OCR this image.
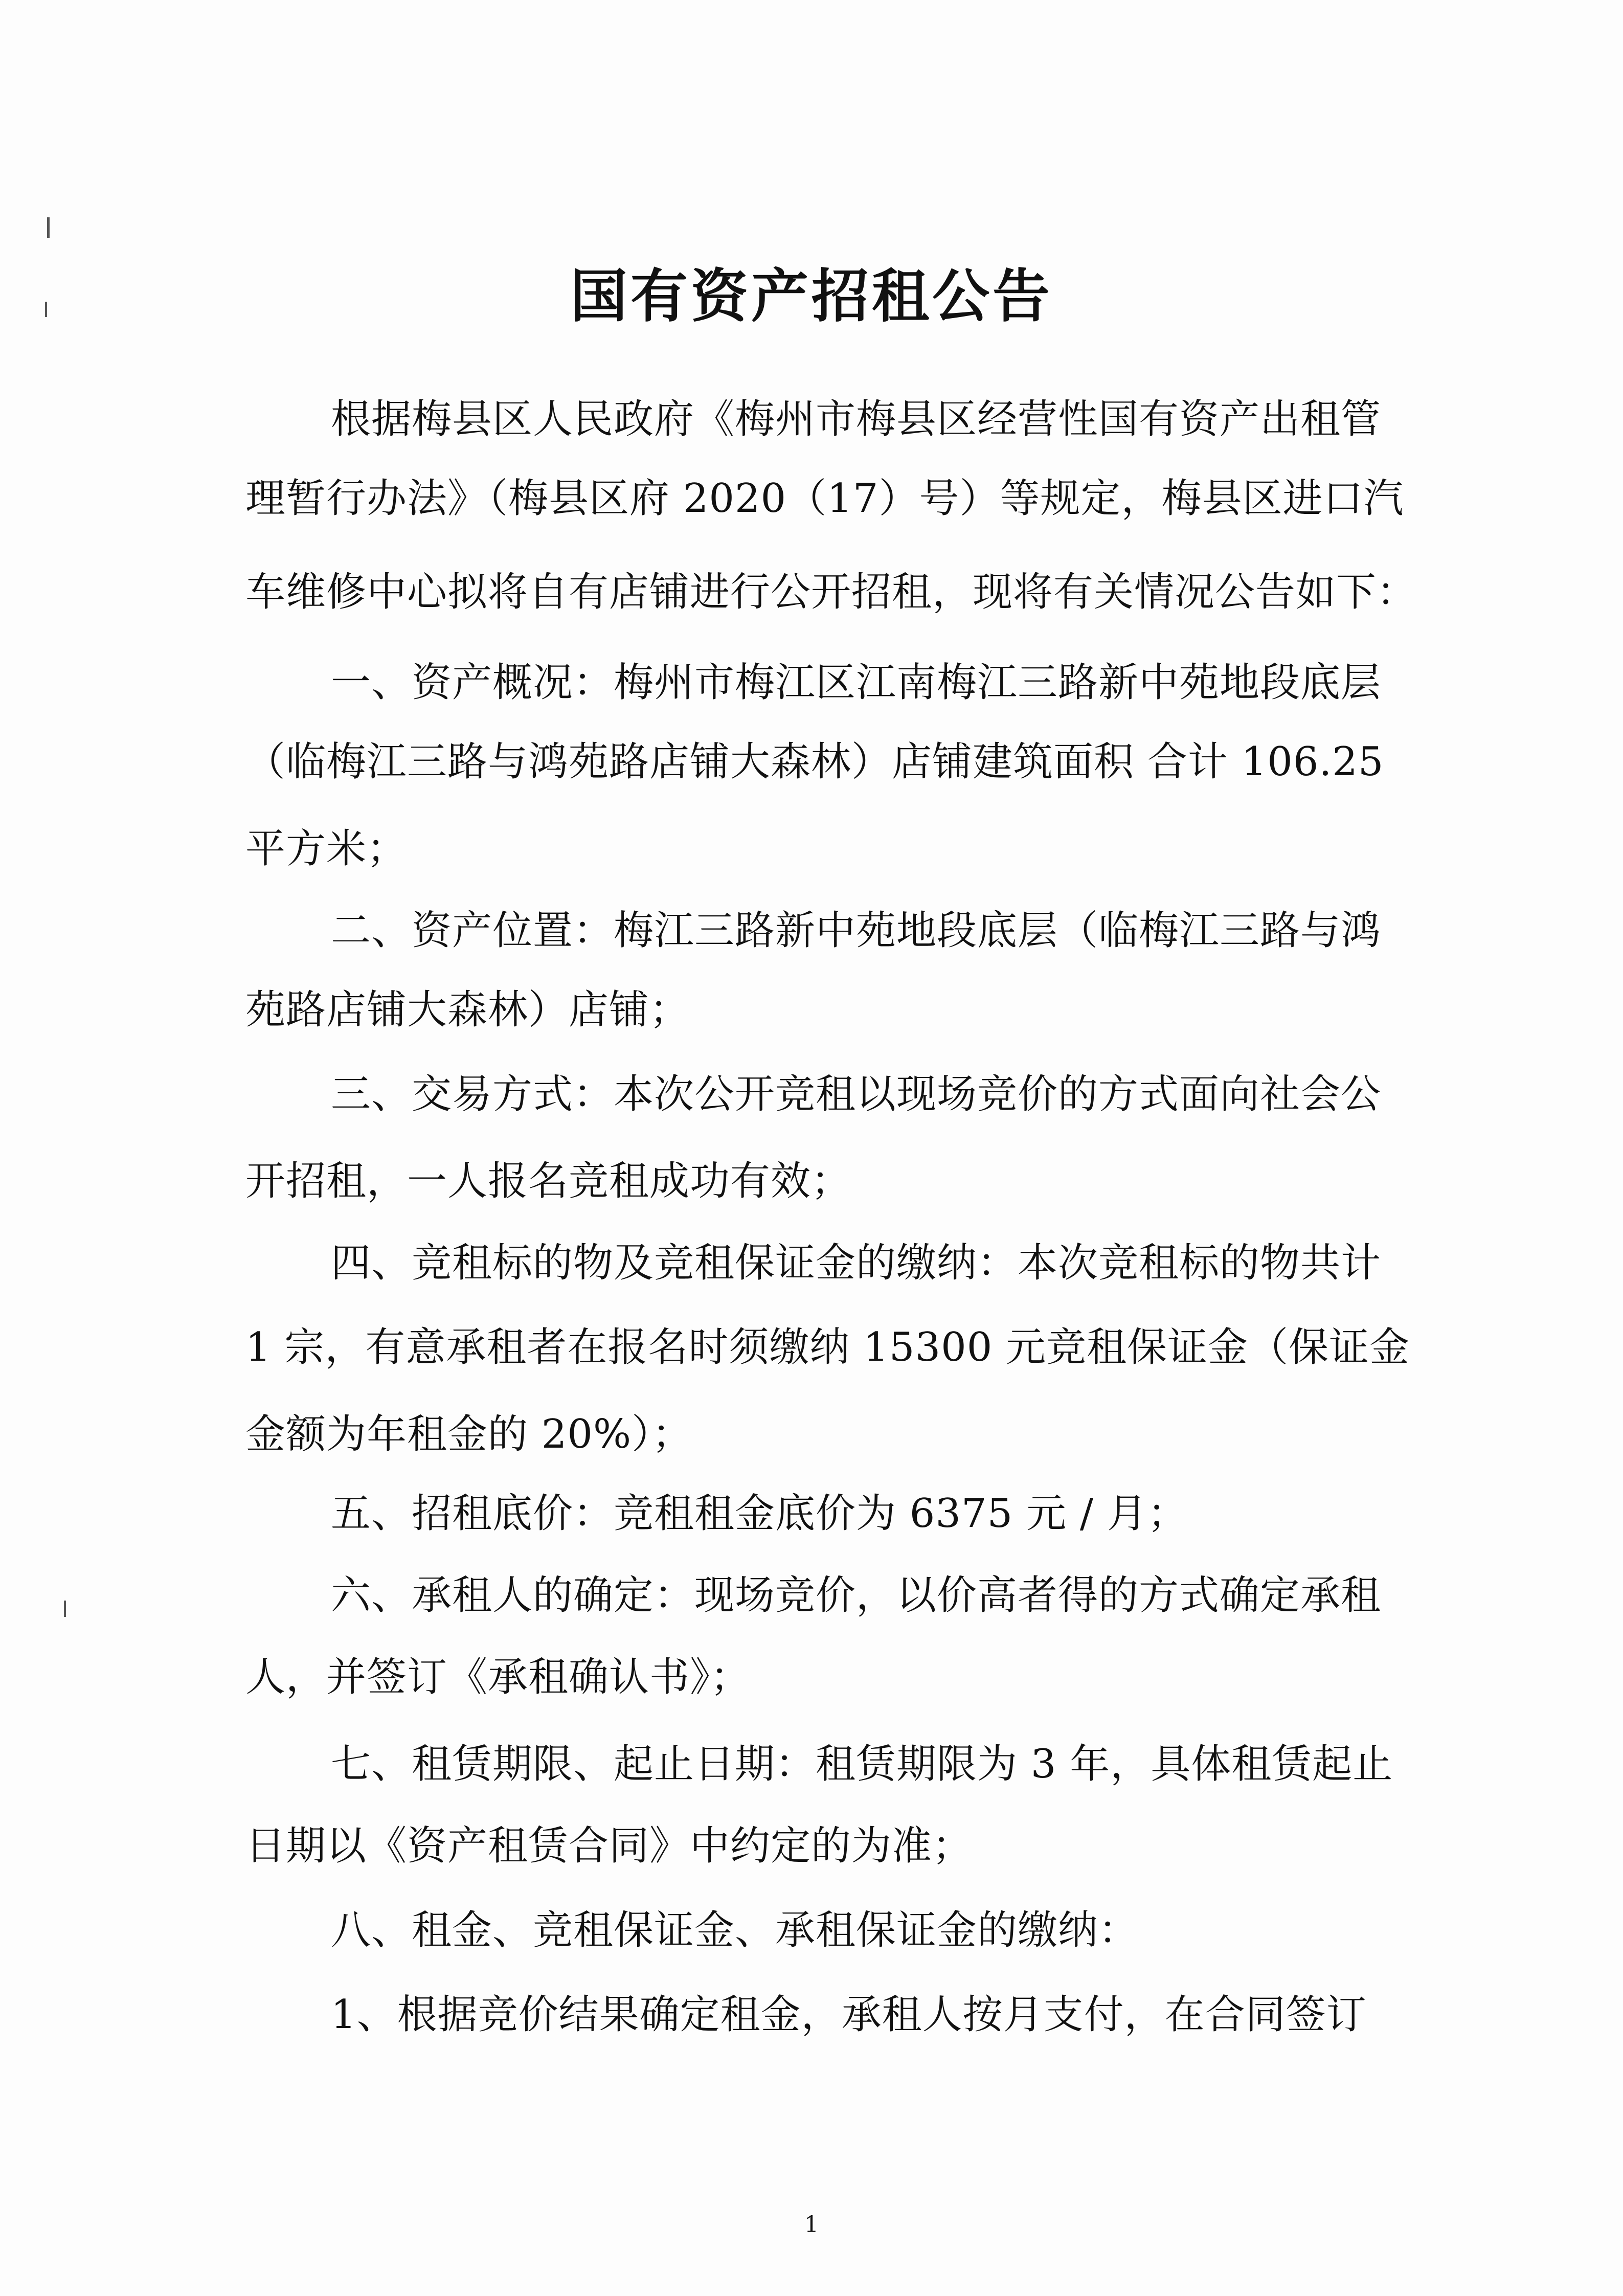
国有资产招租公告
根据梅县区人民政府《梅州市梅县区经营性国有资产出租管
理暂行办法》（梅县区府 2020（17）号）等规定，梅县区进口汽
车维修中心拟将自有店铺进行公开招租，现将有关情况公告如下：
一、资产概况：梅州市梅江区江南梅江三路新中苑地段底层
（临梅江三路与鸿苑路店铺大森林）店铺建筑面积 合计 106.25
平方米；
二、资产位置：梅江三路新中苑地段底层（临梅江三路与鸿
苑路店铺大森林）店铺；
三、交易方式：本次公开竞租以现场竞价的方式面向社会公
开招租，一人报名竞租成功有效；
四、竞租标的物及竞租保证金的缴纳：本次竞租标的物共计
1 宗，有意承租者在报名时须缴纳 15300 元竞租保证金（保证金
金额为年租金的 20%）；
五、招租底价：竞租租金底价为 6375 元 / 月；
六、承租人的确定：现场竞价，以价高者得的方式确定承租
人，并签订《承租确认书》；
七、租赁期限、起止日期：租赁期限为 3 年，具体租赁起止
日期以《资产租赁合同》中约定的为准；
八、租金、竞租保证金、承租保证金的缴纳：
1、根据竞价结果确定租金，承租人按月支付，在合同签订
1
